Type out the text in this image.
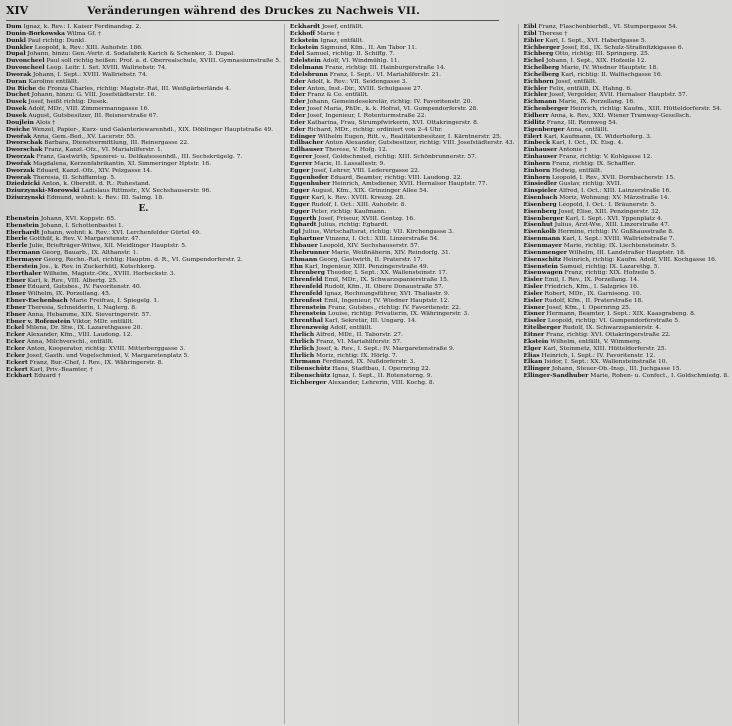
XIV	Veränderungen während des Druckes zu Nachweis VII.
Dum Ignaz, k. Rev.: I. Kaiser Ferdinandsg. 2.
Dunin-Borkowska Wilma Gf. †
Dunkl Paul richtig: Dunkl.
Dunkler Leopold, k. Rev.: XIII. Auhofstr. 186.
Dupal Johann, hinzu: Gen.-Vertr. d. Sodafabrik Karich & Schenker, 3. Dupal.
Duvoncheel Paul soll richtig heißen: Prof. a. d. Oberrealschule, XVIII. Gymnasiumstraße 5.
Duvoncheel Leop. Leitr. I. Set. XVIII. Wallriebstr. 74.
Dworak Johann, I. Sept.: XVIII. Wallriebstr. 74.
Duran Karoline entfällt.
Du Riche de Fronza Charles, richtig: Magistr.-Rat, III. Weißgärberlände 4.
Duchet Johann, hinzu: G. VIII. Josefstädterstr. 16.
Dusek Josef, heißt richtig: Dusek.
Dusek Adolf, MDr., VIII. Zimmermanngasse 16.
Dusek August, Gutsbesitzer, III. Reisnerstraße 67.
Doujlein Alois †
Dwiche Wenzel, Papier-, Kurz- und Galanteriewarenhdl., XIX. Döblinger Hauptstraße 49.
Dwořak Anna, Gem.-Bed., XV. Lacerstr. 55.
Dworschak Barbara, Dienstvermittlung, III. Reinergasse 22.
Dworschak Franz, Kanzl.-Ofz., VI. Mariahilferstr. 1.
Dworzak Franz, Gastwirth, Spezerei- u. Delikatessenhdl., III. Sechskrügelg. 7.
Dwořak Magdalena, Kerzenfabrikantin, XI. Simmeringer Hptstr. 16.
Dworzak Eduard, Kanzl.-Ofz., XIV. Pelzgasse 14.
Dworak Theresia, II. Schiffamtsg. 5.
Dziedzicki Anton, k. Oberstlt. d. R.: Ruhestand.
Dziurzynski-Morowski Ladislaus Rittmstr., XV. Sechshauserstr. 96.
Dżiurzynski Edmund, wohnt: k. Rev.: III. Salmg. 18.
E.
Ebenstein Johann, XVI. Koppstr. 65.
Ebenstein Johann, I. Schottenbastei 1.
Eberhardt Johann, wohnt: k. Rev.: XVI. Lerchenfelder Gürtel 49.
Eberle Gotthilf, k. Rev. V. Margaretenstr. 47.
Eberle Julie, Briefträger-Witwe, XII. Meidlinger Hauptstr. 5.
Ebermann Georg, Bauarb., IX. Althanstr. 1.
Ebermayer Georg, Rechn.-Rat, richtig: Hauptm. d. R., VI. Gumpendorferstr. 2.
Eberstein Jos., k. Rev. in Zuckerhütl, Kutschkerg.
Eberthaler Wilhelm, Magistr.-Ofz., XVIII. Herbeckstr. 3.
Ebner Karl, k. Rev., VIII. Albertg. 25.
Ebner Eduard, Gutsbes., IV. Favoritenstr. 40.
Ebner Wilhelm, IX. Porzellang. 45.
Ebner-Eschenbach Marie Freifrau, I. Spiegelg. 1.
Ebner Theresia, Schneiderin, I. Naglerg. 8.
Ebner Anna, Hebamme, XIX. Sieveringerstr. 57.
Ebner v. Rofenstein Viktor, MDr. entfällt.
Eckel Milena, Dr. Stw., IX. Lazarethgasse 20.
Ecker Alexander, Kfm., VIII. Laudong. 12.
Ecker Anna, Milchverschl., entfällt.
Ecker Anton, Kooperator, richtig: XVIII. Mitterberggasse 3.
Ecker Josef, Gasth. und Vogelschmied, V. Margaretenplatz 5.
Eckert Franz, Bur.-Chef, I. Rev., IX. Währingerstr. 8.
Eckert Karl, Priv.-Beamter, †
Eckhart Eduard †
Eckhardt Josef, entfällt.
Eckhoff Marie †
Eckstein Ignaz, entfällt.
Eckstein Sigmund, Kfm., II. Am Tabor 11.
Edel Samuel, richtig: II. Schiffg. 7.
Edelstein Adolf, VI. Windmühlg. 11.
Edelmann Franz, richtig: III. Hainburgerstraße 14.
Edelsbrunn Franz, I. Sept.: VI. Mariahilferstr. 21.
Eder Adolf, k. Rev.: VII. Seidengasse 3.
Eder Anton, Inst.-Dir., XVIII. Schulgasse 27.
Eder Franz & Co. entfällt.
Eder Johann, Gemeindesekretär, richtig: IV. Favoritenstr. 20.
Eder Josef Maria, PhDr., k. k. Hofrat, VI. Gumpendorferstr. 28.
Eder Josef, Ingenieur, I. Rotenturmstraße 22.
Eder Katharina, Frau, Strumpfwirkerin, XVI. Ottakringerstr. 8.
Eder Richard, MDr., richtig: ordiniert von 2–4 Uhr.
Edinger Wilhelm Eugen, Ritt. v., Realitätenbesitzer, I. Kärntnerstr. 25.
Edlbacher Anton Alexander, Gutsbesitzer, richtig: VIII. Josefstädterstr. 43.
Edlhauser Therese, V. Hofg. 12.
Egerer Josef, Goldschmied, richtig: XIII. Schönbrunnerstr. 57.
Egerer Marie, II. Lassallestr. 9.
Egger Josef, Lehrer, VIII. Lederergasse 22.
Eggenhofer Eduard, Beamter, richtig: VIII. Laudong. 22.
Eggenhuber Heinrich, Amtsdiener, XVII. Hernalser Hauptstr. 77.
Egger August, Kfm., XIX. Grinzinger Allee 54.
Egger Karl, k. Rev.: XVIII. Kreuzg. 28.
Egger Rudolf, I. Oct.: XIII. Auhofstr. 8.
Egger Peter, richtig: Kaufmann.
Eggerth Josef, Friseur, XVIII. Gentzg. 16.
Eghardt Julius, richtig: Egbardt.
Egl Julius, Wirtschaftsrat, richtig: VII. Kirchengasse 3.
Eghartner Vinzenz, I. Oct.: XIII. Linzerstraße 54.
Ehbauer Leopold, XIV. Sechshauserstr. 57.
Ehebrunner Marie, Weißnäherin, XIV. Reindorfg. 31.
Ehmann Georg, Gastwirth, II. Praterstr. 17.
Ehn Karl, Ingenieur, XIII. Penzingerstraße 49.
Ehrenberg Theodor, I. Sept.: XX. Wallensteinstr. 17.
Ehrenfeld Emil, MDr., IX. Schwarzspanierstraße 15.
Ehrenfeld Rudolf, Kfm., II. Obere Donaustraße 57.
Ehrenfeld Ignaz, Rechnungsführer, XVI. Thaliastr. 9.
Ehrenfest Emil, Ingenieur, IV. Wiedner Hauptstr. 12.
Ehrenstein Franz, Gutsbes., richtig: IV. Favoritenstr. 22.
Ehrenstein Louise, richtig: Privatierin, IX. Währingerstr. 3.
Ehrenthal Karl, Sekretär, III. Ungarg. 14.
Ehrenzweig Adolf, entfällt.
Ehrlich Alfred, MDr., II. Taborstr. 27.
Ehrlich Franz, VI. Mariahilferstr. 57.
Ehrlich Josef, k. Rev., I. Sept.: IV. Margaretenstraße 9.
Ehrlich Moriz, richtig: IX. Hörlg. 7.
Ehrmann Ferdinand, IX. Nußdorferstr. 3.
Eibenschütz Hans, Stadtbau, I. Opernring 22.
Eibenschütz Ignaz, I. Sept., II. Rotensterng. 9.
Eichberger Alexander, Lehrerin, VIII. Kochg. 8.
Eibl Franz, Flaschenbierhdl., VI. Stumpergasse 54.
Eibl Therese †
Eibler Karl, I. Sept., XVI. Haberlgasse 5.
Eichberger Josef, Ed., IX. Schulz-Straßnitzkigasse 6.
Eichberg Otto, richtig: III. Springerg. 25.
Eichel Johann, I. Sept., XIX. Hofzeile 12.
Eichelberg Marie, IV. Wiedner Hauptstr. 18.
Eichelberg Karl, richtig: II. Walfischgasse 16.
Eichhorn Josef, entfällt.
Eichler Felix, entfällt, IX. Hahng. 6.
Eichler Josef, Vergolder, XVII. Hernalser Hauptstr. 57.
Eichmann Marie, IX. Porzellang. 16.
Eichenberger Heinrich, richtig: Kaufm., XIII. Hütteldorferstr. 54.
Eidherr Anna, k. Rev., XXI. Wiener Tramway-Gesellsch.
Eidlitz Franz, III. Rennweg 54.
Eigenberger Anna, entfällt.
Eilert Karl, Kaufmann, IX. Widerhoferg. 3.
Einbeck Karl, I. Oct., IX. Eisg. 4.
Einhauser Antonie †
Einhauser Franz, richtig: V. Kohlgasse 12.
Einhorn Franz, richtig: IX. Schaffler.
Einhorn Hedwig, entfällt.
Einhorn Leopold, I. Rev., XVII. Dornbacherstr. 15.
Einsiedler Gustav, richtig: XVII.
Einspieler Alfred, I. Oct.: XIII. Lainzerstraße 16.
Eisenbach Moriz, Wohnung: XV. Märzstraße 14.
Eisenberg Leopold, I. Oct.: I. Bräunerstr. 5.
Eisenberg Josef, Elise, XIII. Penzingerstr. 32.
Eisenberger Karl, I. Sept.: XVI. Yppenplatz 4.
Eisenhut Julius, Arzt-Ww., XIII. Linzerstraße 47.
Eisenkolb Hermine, richtig: IV. Gußhausstraße 8.
Eisenmann Karl, I. Sept.: XVIII. Wallriebstraße 7.
Eisenmayer Marie, richtig: IX. Liechtensteinstr. 5.
Eisenmenger Wilhelm, III. Landstraßer Hauptstr. 18.
Eisenschitz Heinrich, richtig: Kaufm. Adolf, VIII. Kochgasse 16.
Eisenstein Samuel, richtig: IX. Lazarethg. 5.
Eisenwagen Franz, richtig: XIX. Hofzeile 5.
Eisler Emil, I. Rev., IX. Porzellang. 14.
Eisler Friedrich, Kfm., I. Salzgries 16.
Eisler Robert, MDr., IX. Garnisong. 10.
Eisler Rudolf, Kfm., II. Praterstraße 18.
Eisner Josef, Kfm., I. Opernring 25.
Eisner Hermann, Beamter, I. Sept.: XIX. Kaasgrabeng. 8.
Eissler Leopold, richtig: VI. Gumpendorferstraße 5.
Eitelberger Rudolf, IX. Schwarzspanierstr. 4.
Eitner Franz, richtig: XVI. Ottakringerstraße 22.
Ekstein Wilhelm, entfällt, V. Wimmerg.
Elger Karl, Steinmetz, XIII. Hütteldorferstr. 25.
Elias Heinrich, I. Sept.: IV. Favoritenstr. 12.
Elkan Isidor, I. Sept.: XX. Wallensteinstraße 10.
Ellinger Johann, Steuer-Ob.-Insp., III. Juchgasse 15.
Ellinger-Sandhuber Marie, Roben- u. Confect., I. Goldschmiedg. 8.
